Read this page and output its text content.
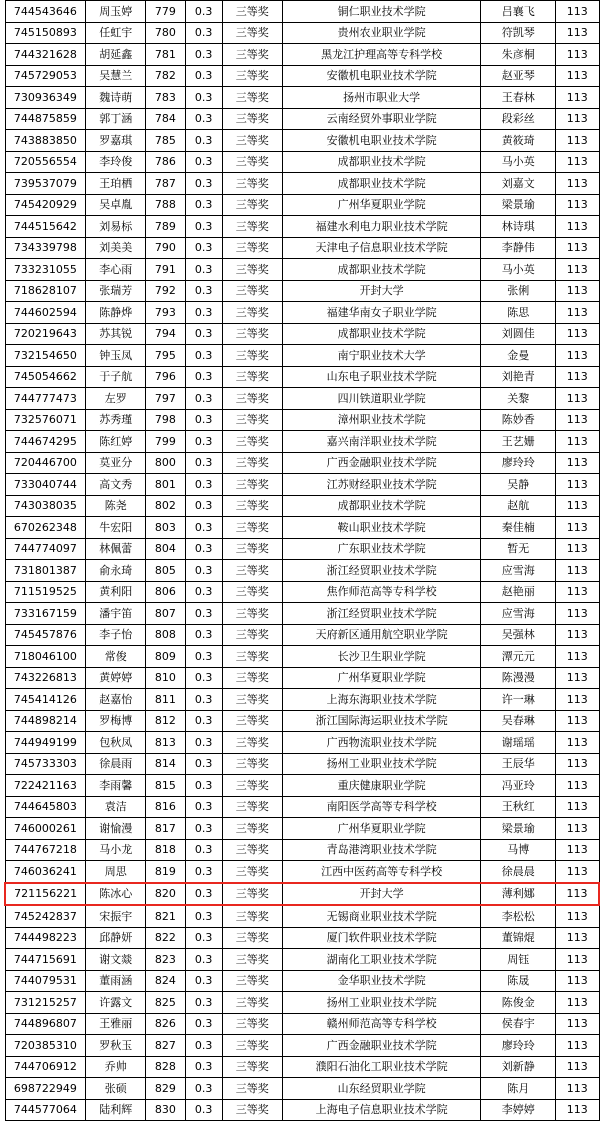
744543646	周玉婷	779	0.3	三等奖	铜仁职业技术学院	吕襄飞	113
745150893	任虹宇	780	0.3	三等奖	贵州农业职业学院	符凯琴	113
744321628	胡延鑫	781	0.3	三等奖	黑龙江护理高等专科学校	朱彦桐	113
745729053	吴慧兰	782	0.3	三等奖	安徽机电职业技术学院	赵亚琴	113
730936349	魏诗萌	783	0.3	三等奖	扬州市职业大学	王春林	113
744875859	郭丁涵	784	0.3	三等奖	云南经贸外事职业学院	段彩丝	113
743883850	罗嘉琪	785	0.3	三等奖	安徽机电职业技术学院	黄筱琦	113
720556554	李玲俊	786	0.3	三等奖	成都职业技术学院	马小英	113
739537079	王珀栖	787	0.3	三等奖	成都职业技术学院	刘嘉文	113
745420929	吴卓胤	788	0.3	三等奖	广州华夏职业学院	梁景瑜	113
744515642	刘易标	789	0.3	三等奖	福建水利电力职业技术学院	林诗琪	113
734339798	刘美美	790	0.3	三等奖	天津电子信息职业技术学院	李静伟	113
733231055	李心雨	791	0.3	三等奖	成都职业技术学院	马小英	113
718628107	张瑞芳	792	0.3	三等奖	开封大学	张俐	113
744602594	陈静烨	793	0.3	三等奖	福建华南女子职业学院	陈思	113
720219643	苏其锐	794	0.3	三等奖	成都职业技术学院	刘圆佳	113
732154650	钟玉凤	795	0.3	三等奖	南宁职业技术大学	金曼	113
745054662	于子航	796	0.3	三等奖	山东电子职业技术学院	刘艳青	113
744777473	左罗	797	0.3	三等奖	四川铁道职业学院	关黎	113
732576071	苏秀瑾	798	0.3	三等奖	漳州职业技术学院	陈妙香	113
744674295	陈红婷	799	0.3	三等奖	嘉兴南洋职业技术学院	王艺姗	113
720446700	莫亚分	800	0.3	三等奖	广西金融职业技术学院	廖玲玲	113
733040744	高文秀	801	0.3	三等奖	江苏财经职业技术学院	吴静	113
743038035	陈尧	802	0.3	三等奖	成都职业技术学院	赵航	113
670262348	牛宏阳	803	0.3	三等奖	鞍山职业技术学院	秦佳楠	113
744774097	林佩蕾	804	0.3	三等奖	广东职业技术学院	暂无	113
731801387	俞永琦	805	0.3	三等奖	浙江经贸职业技术学院	应雪海	113
711519525	黄利阳	806	0.3	三等奖	焦作师范高等专科学校	赵艳丽	113
733167159	潘宇笛	807	0.3	三等奖	浙江经贸职业技术学院	应雪海	113
745457876	李子怡	808	0.3	三等奖	天府新区通用航空职业学院	吴强林	113
718046100	常俊	809	0.3	三等奖	长沙卫生职业学院	潭元元	113
743226813	黄婷婷	810	0.3	三等奖	广州华夏职业学院	陈漫漫	113
745414126	赵嘉怡	811	0.3	三等奖	上海东海职业技术学院	许一琳	113
744898214	罗梅博	812	0.3	三等奖	浙江国际海运职业技术学院	吴春琳	113
744949199	包秋凤	813	0.3	三等奖	广西物流职业技术学院	谢瑶瑶	113
745733303	徐晨雨	814	0.3	三等奖	扬州工业职业技术学院	王辰华	113
722421163	李雨馨	815	0.3	三等奖	重庆健康职业学院	冯亚玲	113
744645803	袁洁	816	0.3	三等奖	南阳医学高等专科学校	王秋红	113
746000261	谢愉漫	817	0.3	三等奖	广州华夏职业学院	梁景瑜	113
744767218	马小龙	818	0.3	三等奖	青岛港湾职业技术学院	马博	113
746036241	周思	819	0.3	三等奖	江西中医药高等专科学校	徐晨晨	113
721156221	陈冰心	820	0.3	三等奖	开封大学	薄利娜	113
745242837	宋振宇	821	0.3	三等奖	无锡商业职业技术学院	李松松	113
744498223	邱静妍	822	0.3	三等奖	厦门软件职业技术学院	董锦焜	113
744715691	谢文燚	823	0.3	三等奖	湖南化工职业技术学院	周钰	113
744079531	董雨涵	824	0.3	三等奖	金华职业技术学院	陈晟	113
731215257	许露文	825	0.3	三等奖	扬州工业职业技术学院	陈俊金	113
744896807	王雅丽	826	0.3	三等奖	赣州师范高等专科学校	侯春宇	113
720385310	罗秋玉	827	0.3	三等奖	广西金融职业技术学院	廖玲玲	113
744706912	乔帅	828	0.3	三等奖	濮阳石油化工职业技术学院	刘新静	113
698722949	张硕	829	0.3	三等奖	山东经贸职业学院	陈月	113
744577064	陆利辉	830	0.3	三等奖	上海电子信息职业技术学院	李婷婷	113
